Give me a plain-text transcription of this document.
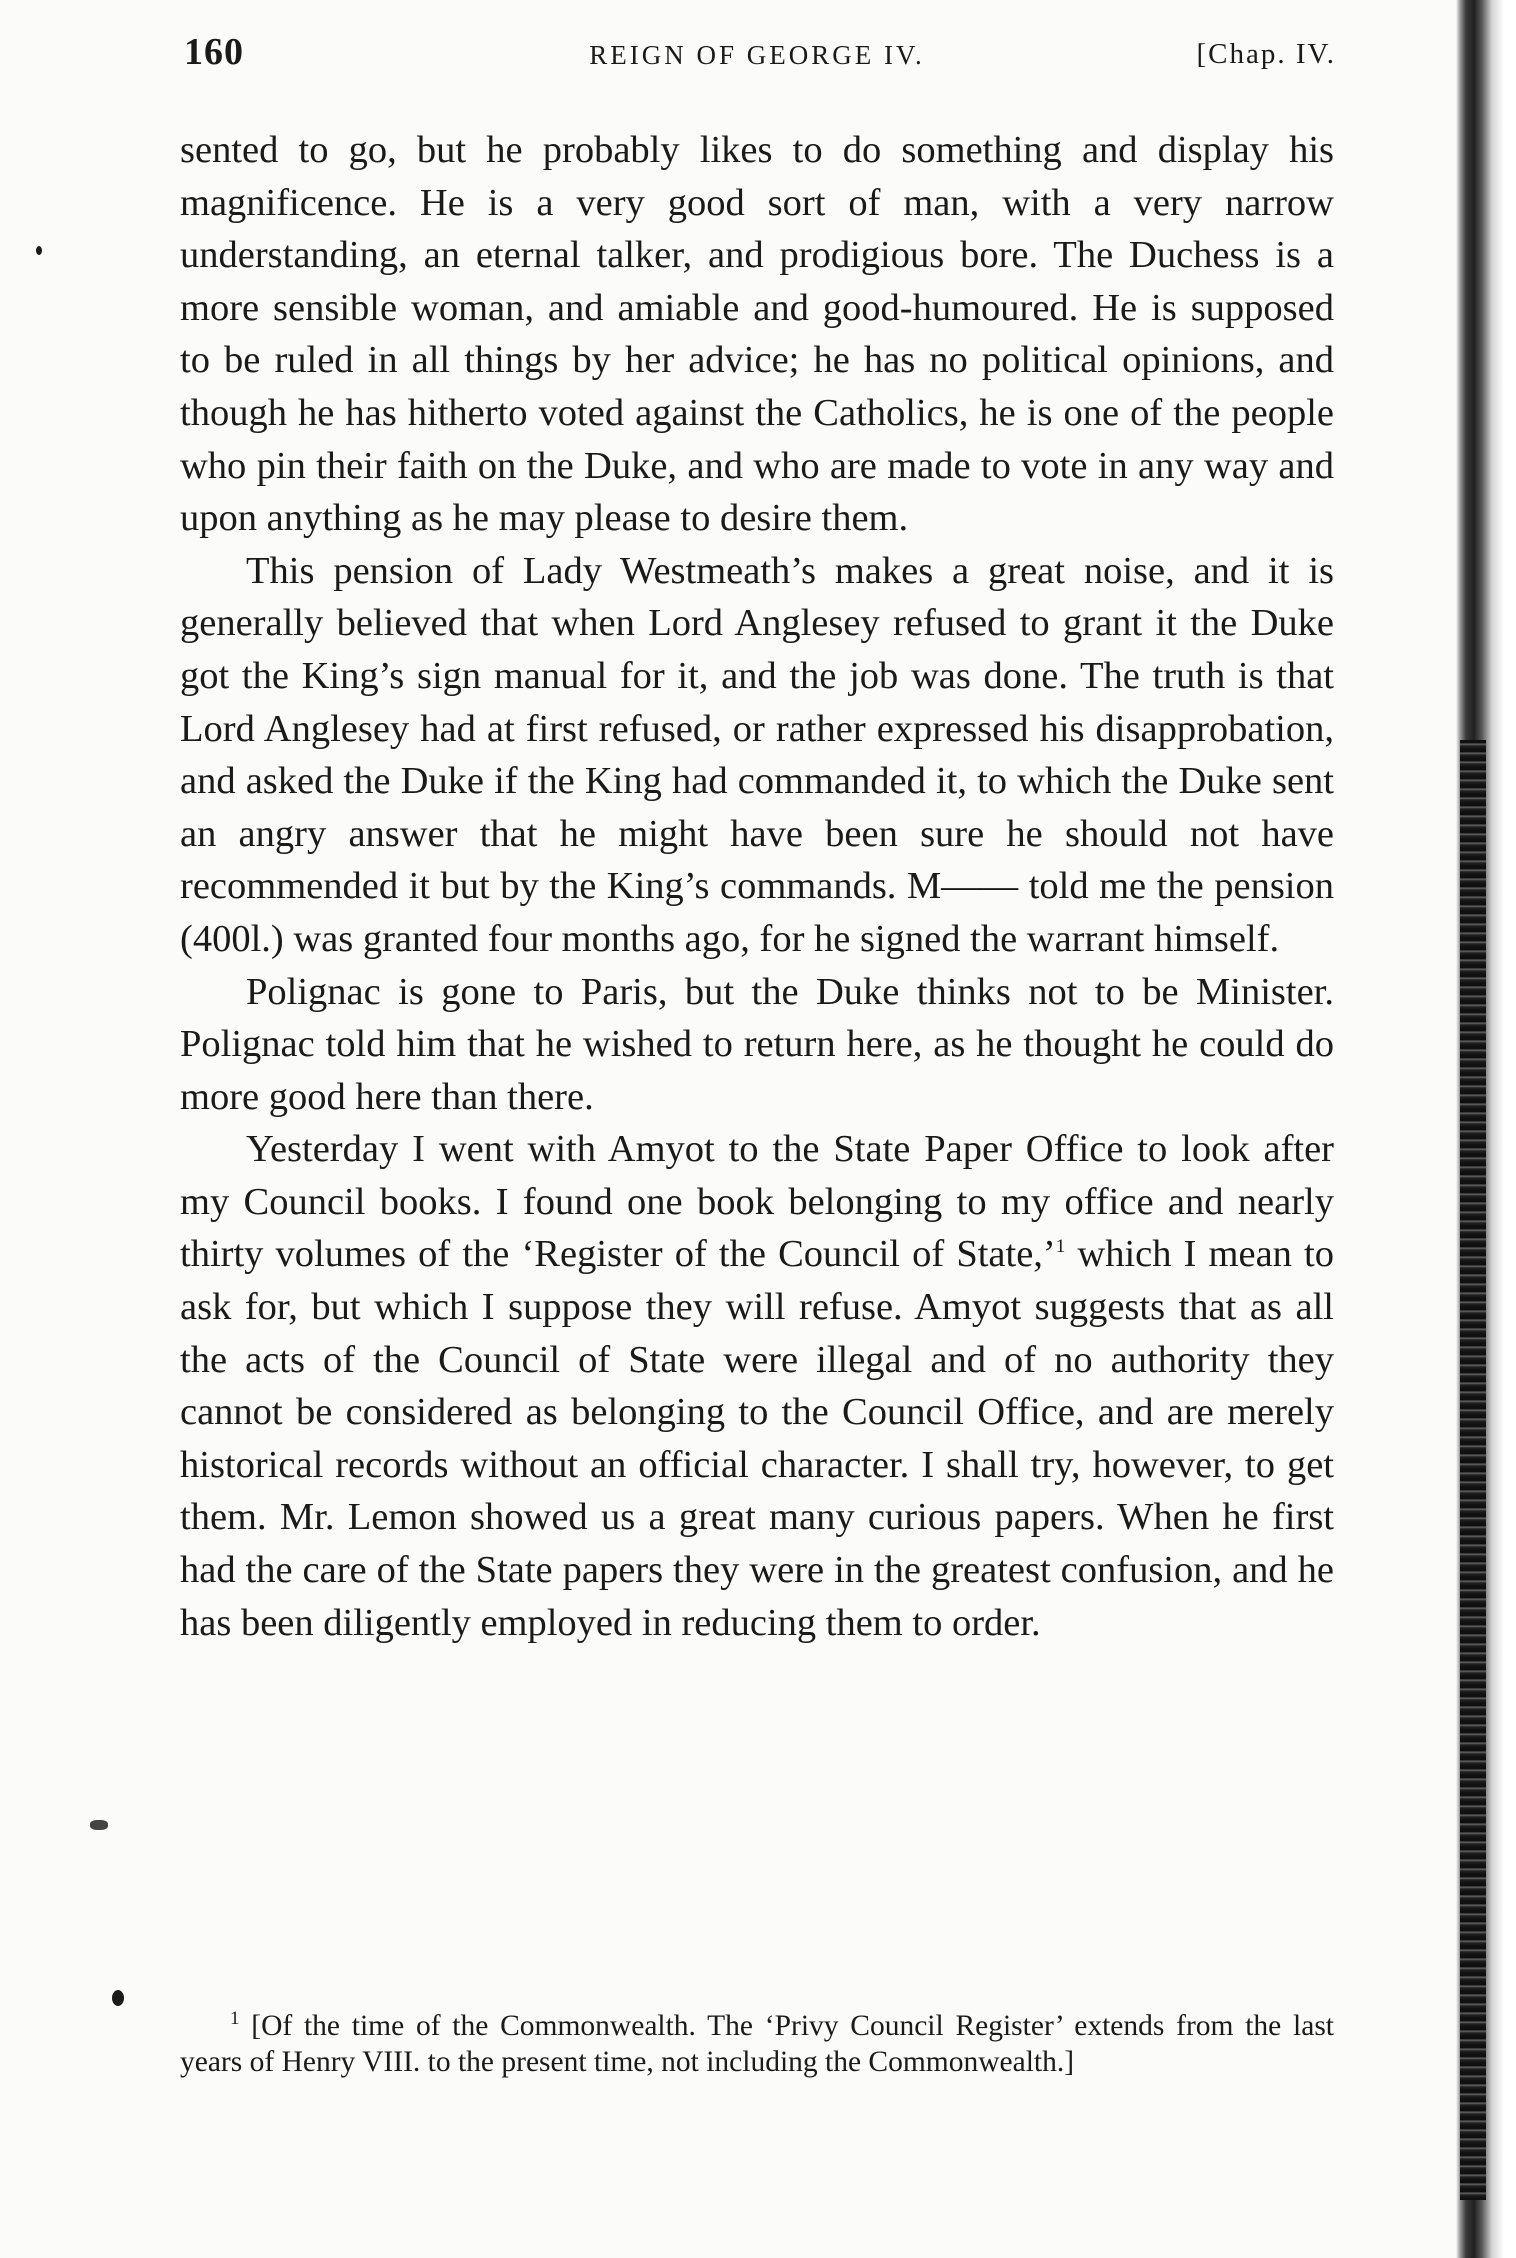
160	REIGN OF GEORGE IV.	[Chap. IV.

sented to go, but he probably likes to do something and display his magnificence. He is a very good sort of man, with a very narrow understanding, an eternal talker, and prodigious bore. The Duchess is a more sensible woman, and amiable and good-humoured. He is supposed to be ruled in all things by her advice; he has no political opinions, and though he has hitherto voted against the Catholics, he is one of the people who pin their faith on the Duke, and who are made to vote in any way and upon anything as he may please to desire them.

This pension of Lady Westmeath’s makes a great noise, and it is generally believed that when Lord Anglesey refused to grant it the Duke got the King’s sign manual for it, and the job was done. The truth is that Lord Anglesey had at first refused, or rather expressed his disapprobation, and asked the Duke if the King had commanded it, to which the Duke sent an angry answer that he might have been sure he should not have recommended it but by the King’s commands. M—— told me the pension (400l.) was granted four months ago, for he signed the warrant himself.

Polignac is gone to Paris, but the Duke thinks not to be Minister. Polignac told him that he wished to return here, as he thought he could do more good here than there.

Yesterday I went with Amyot to the State Paper Office to look after my Council books. I found one book belonging to my office and nearly thirty volumes of the ‘Register of the Council of State,’$^1$ which I mean to ask for, but which I suppose they will refuse. Amyot suggests that as all the acts of the Council of State were illegal and of no authority they cannot be considered as belonging to the Council Office, and are merely historical records without an official character. I shall try, however, to get them. Mr. Lemon showed us a great many curious papers. When he first had the care of the State papers they were in the greatest confusion, and he has been diligently employed in reducing them to order.

$^1$ [Of the time of the Commonwealth. The ‘Privy Council Register’ extends from the last years of Henry VIII. to the present time, not including the Commonwealth.]
